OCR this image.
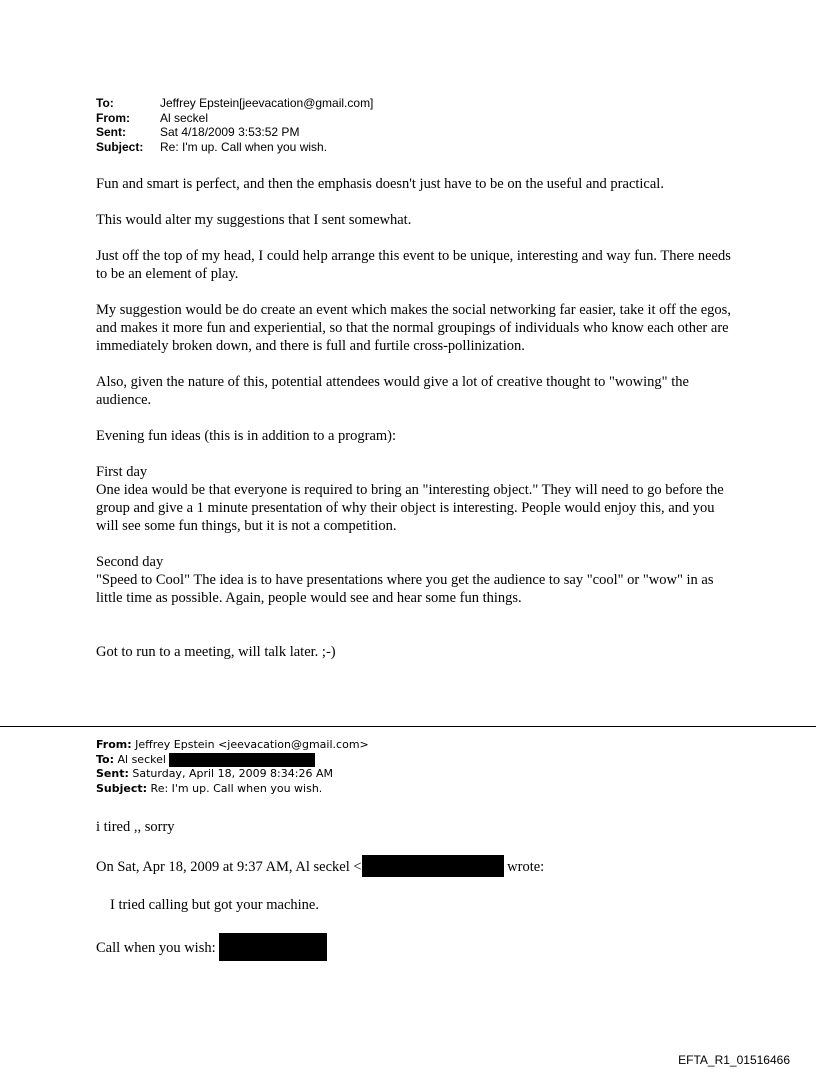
To:	Jeffrey Epstein[jeevacation@gmail.com]
From:	Al seckel
Sent:	Sat 4/18/2009 3:53:52 PM
Subject:	Re: I'm up. Call when you wish.

Fun and smart is perfect, and then the emphasis doesn't just have to be on the useful and practical.

This would alter my suggestions that I sent somewhat.

Just off the top of my head, I could help arrange this event to be unique, interesting and way fun. There needs to be an element of play.

My suggestion would be do create an event which makes the social networking far easier, take it off the egos, and makes it more fun and experiential, so that the normal groupings of individuals who know each other are immediately broken down, and there is full and furtile cross-pollinization.

Also, given the nature of this, potential attendees would give a lot of creative thought to "wowing" the audience.

Evening fun ideas (this is in addition to a program):

First day
One idea would be that everyone is required to bring an "interesting object." They will need to go before the group and give a 1 minute presentation of why their object is interesting. People would enjoy this, and you will see some fun things, but it is not a competition.

Second day
"Speed to Cool" The idea is to have presentations where you get the audience to say "cool" or "wow" in as little time as possible. Again, people would see and hear some fun things.

Got to run to a meeting, will talk later. ;-)

From: Jeffrey Epstein <jeevacation@gmail.com>
To: Al seckel
Sent: Saturday, April 18, 2009 8:34:26 AM
Subject: Re: I'm up. Call when you wish.

i tired ,, sorry

On Sat, Apr 18, 2009 at 9:37 AM, Al seckel <	wrote:

I tried calling but got your machine.

Call when you wish:

EFTA_R1_01516466
